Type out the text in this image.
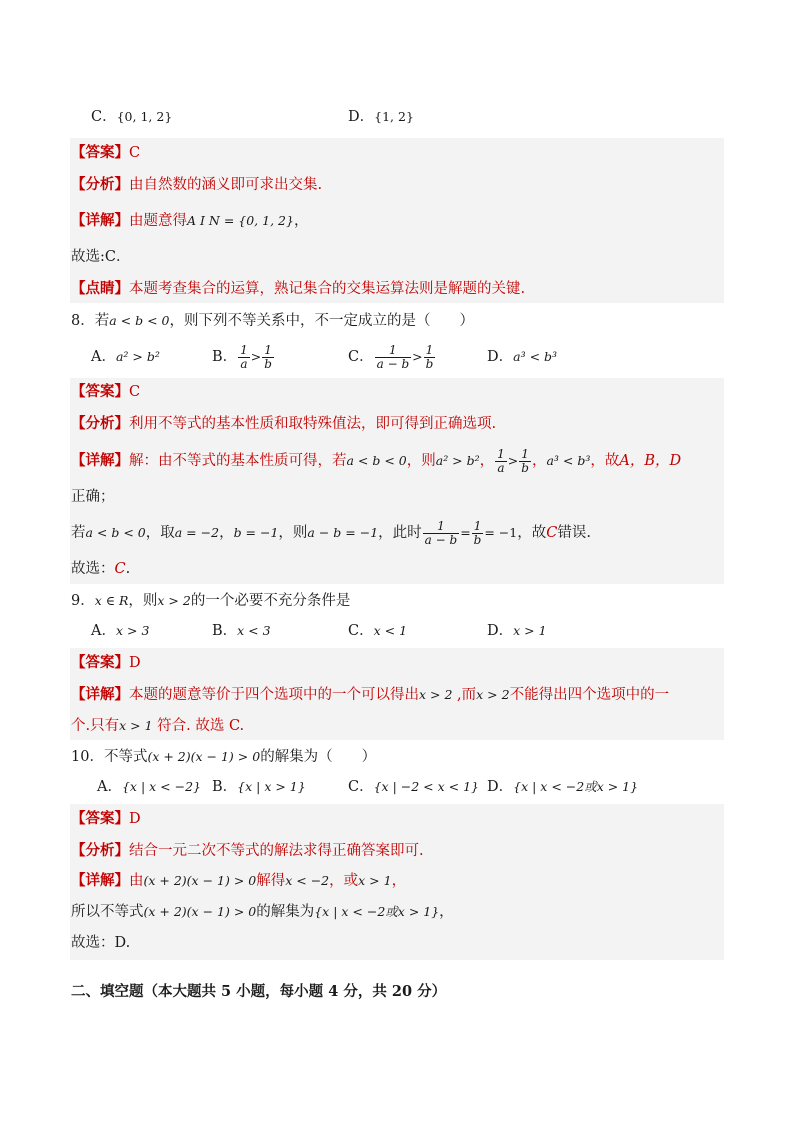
C．{0, 1, 2}	D．{1, 2}
【答案】C
【分析】由自然数的涵义即可求出交集.
【详解】由题意得A I N = {0, 1, 2}，
故选:C．
【点睛】本题考查集合的运算，熟记集合的交集运算法则是解题的关键.
8．若a < b < 0，则下列不等关系中，不一定成立的是（　　）
A．a² > b²	B． $\frac{1}{a} > \frac{1}{b}$	C． $\frac{1}{a - b} > \frac{1}{b}$	D．a³ < b³
【答案】C
【分析】利用不等式的基本性质和取特殊值法，即可得到正确选项.
【详解】解：由不等式的基本性质可得，若a < b < 0，则a² > b²， $\frac{1}{a} > \frac{1}{b}$ ，a³ < b³，故A，B，D
正确；
若a < b < 0，取a = −2，b = −1，则a − b = −1，此时 $\frac{1}{a - b} = \frac{1}{b} = -1$，故C错误.
故选：C.
9．x ∈ R，则x > 2的一个必要不充分条件是
A．x > 3	B．x < 3	C．x < 1	D．x > 1
【答案】D
【详解】本题的题意等价于四个选项中的一个可以得出x > 2 ,而x > 2不能得出四个选项中的一
个.只有x > 1 符合. 故选 C.
10．不等式(x + 2)(x − 1) > 0的解集为（　　）
A．{x | x < −2} B．{x | x > 1}	C．{x | −2 < x < 1} D．{x | x < −2或x > 1}
【答案】D
【分析】结合一元二次不等式的解法求得正确答案即可.
【详解】由(x + 2)(x − 1) > 0解得x < −2，或x > 1，
所以不等式(x + 2)(x − 1) > 0的解集为{x | x < −2或x > 1}，
故选：D.
二、填空题（本大题共 5 小题，每小题 4 分，共 20 分）
